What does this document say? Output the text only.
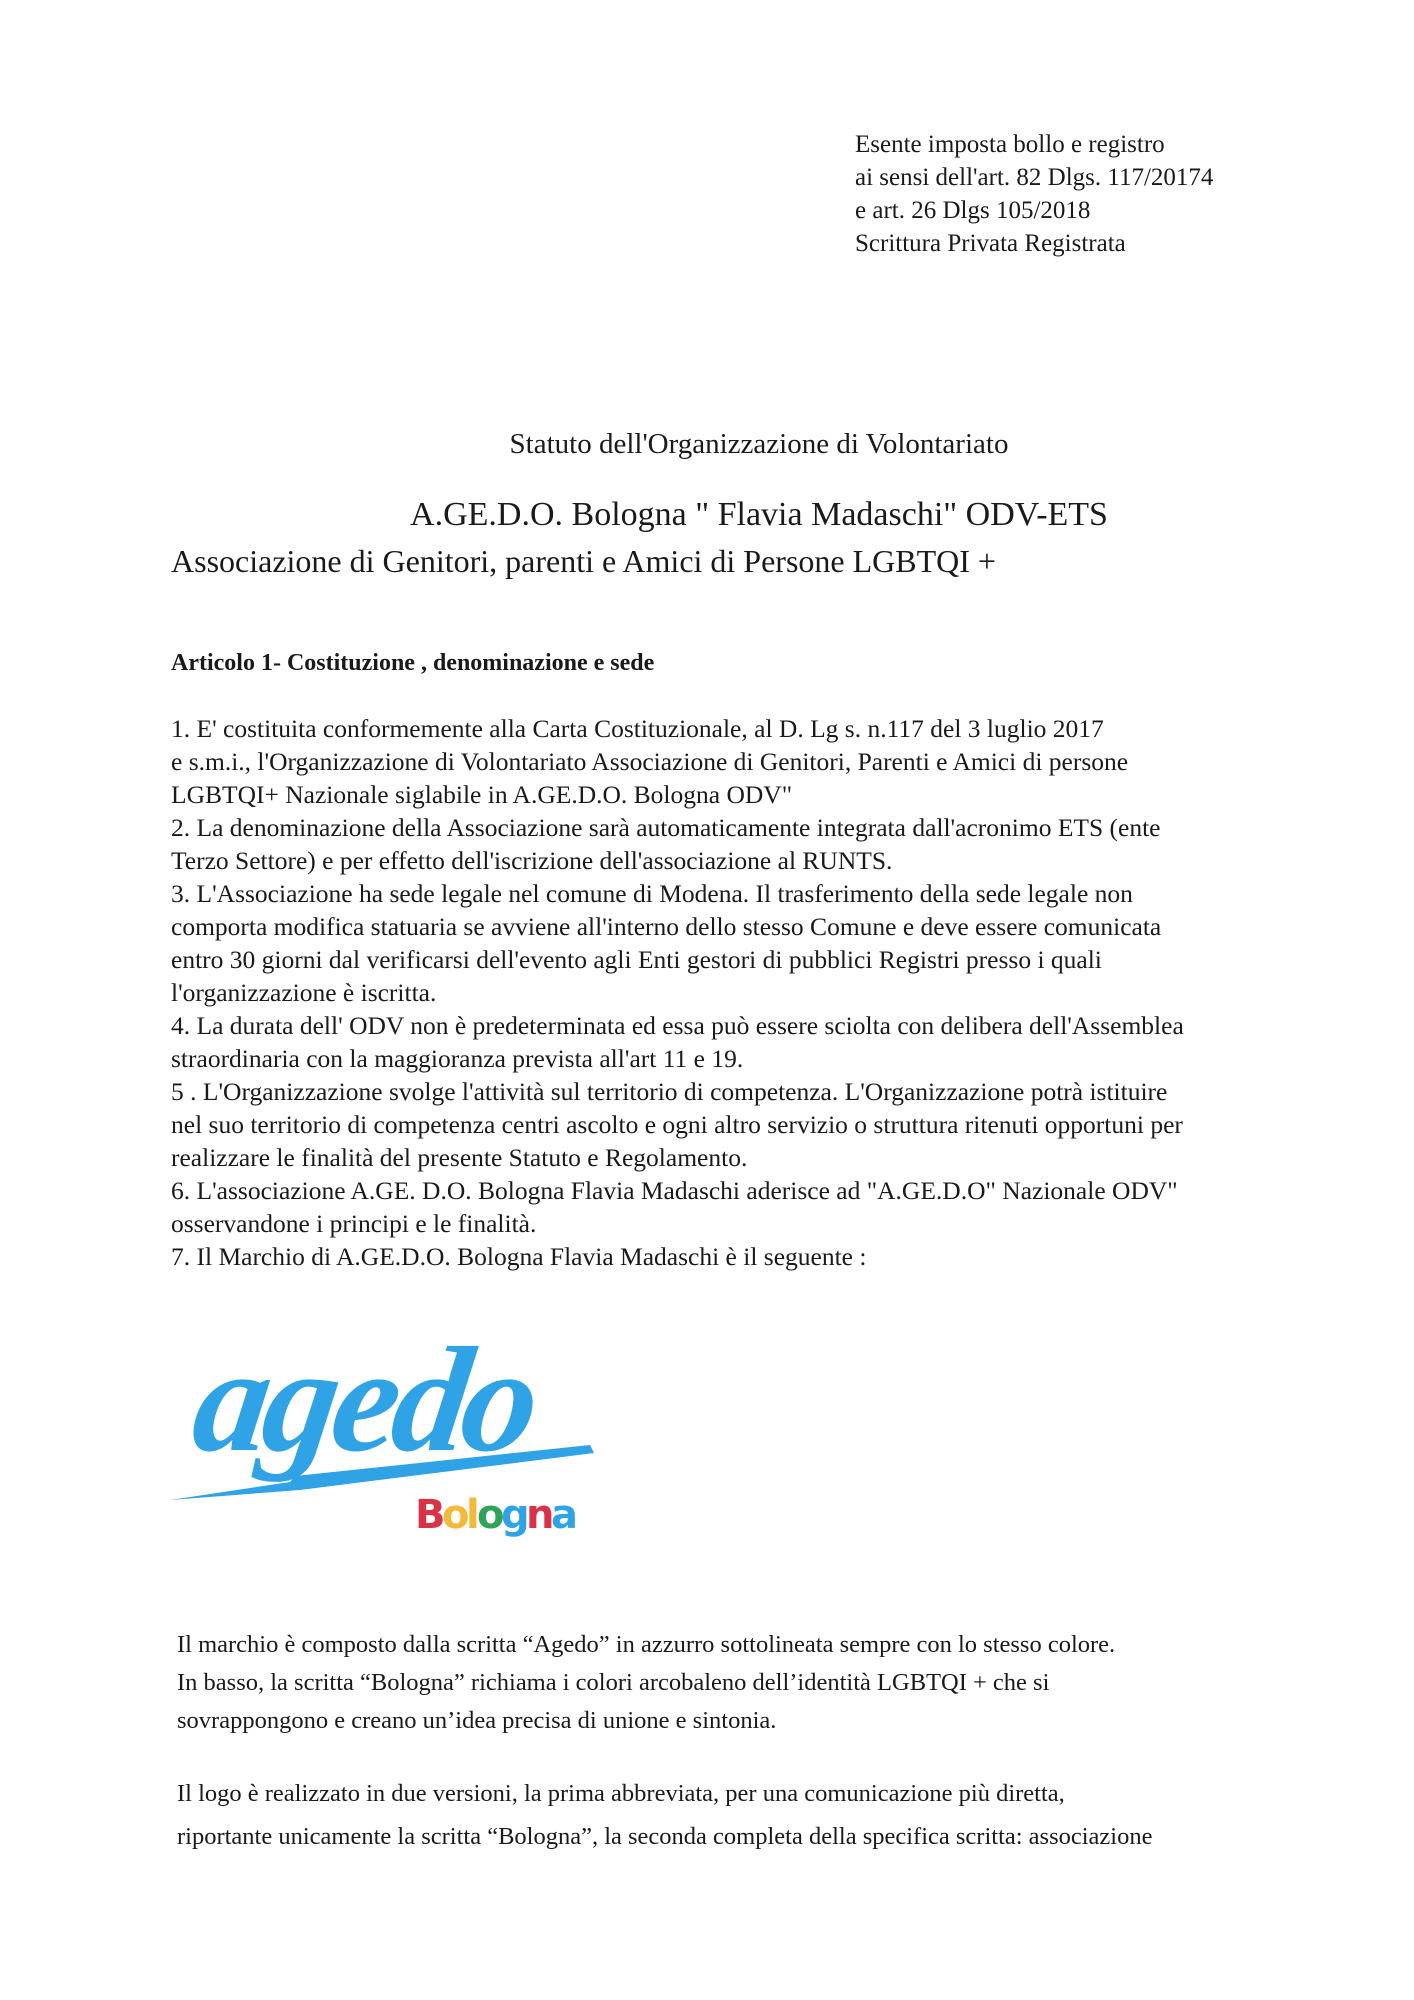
Esente imposta bollo e registro
ai sensi dell'art. 82 Dlgs. 117/20174
e art. 26 Dlgs 105/2018
Scrittura Privata Registrata
Statuto dell'Organizzazione di Volontariato
A.GE.D.O. Bologna " Flavia Madaschi" ODV-ETS
Associazione di Genitori, parenti e Amici di Persone LGBTQI +
Articolo 1- Costituzione , denominazione e sede
1. E' costituita conformemente alla Carta Costituzionale, al D. Lg s. n.117 del 3 luglio 2017
e s.m.i., l'Organizzazione di Volontariato Associazione di Genitori, Parenti e Amici di persone
LGBTQI+ Nazionale siglabile in A.GE.D.O. Bologna ODV"
2. La denominazione della Associazione sarà automaticamente integrata dall'acronimo ETS (ente
Terzo Settore) e per effetto dell'iscrizione dell'associazione al RUNTS.
3. L'Associazione ha sede legale nel comune di Modena. Il trasferimento della sede legale non
comporta modifica statuaria se avviene all'interno dello stesso Comune e deve essere comunicata
entro 30 giorni dal verificarsi dell'evento agli Enti gestori di pubblici Registri presso i quali
l'organizzazione è iscritta.
4. La durata dell' ODV non è predeterminata ed essa può essere sciolta con delibera dell'Assemblea
straordinaria con la maggioranza prevista all'art 11 e 19.
5 . L'Organizzazione svolge l'attività sul territorio di competenza. L'Organizzazione potrà istituire
nel suo territorio di competenza centri ascolto e ogni altro servizio o struttura ritenuti opportuni per
realizzare le finalità del presente Statuto e Regolamento.
6. L'associazione A.GE. D.O. Bologna Flavia Madaschi aderisce ad "A.GE.D.O" Nazionale ODV"
osservandone i principi e le finalità.
7. Il Marchio di A.GE.D.O. Bologna Flavia Madaschi è il seguente :
agedo
B
o
l
o
g
n
a
Il marchio è composto dalla scritta “Agedo” in azzurro sottolineata sempre con lo stesso colore.
In basso, la scritta “Bologna” richiama i colori arcobaleno dell’identità LGBTQI + che si
sovrappongono e creano un’idea precisa di unione e sintonia.
Il logo è realizzato in due versioni, la prima abbreviata, per una comunicazione più diretta,
riportante unicamente la scritta “Bologna”, la seconda completa della specifica scritta: associazione
